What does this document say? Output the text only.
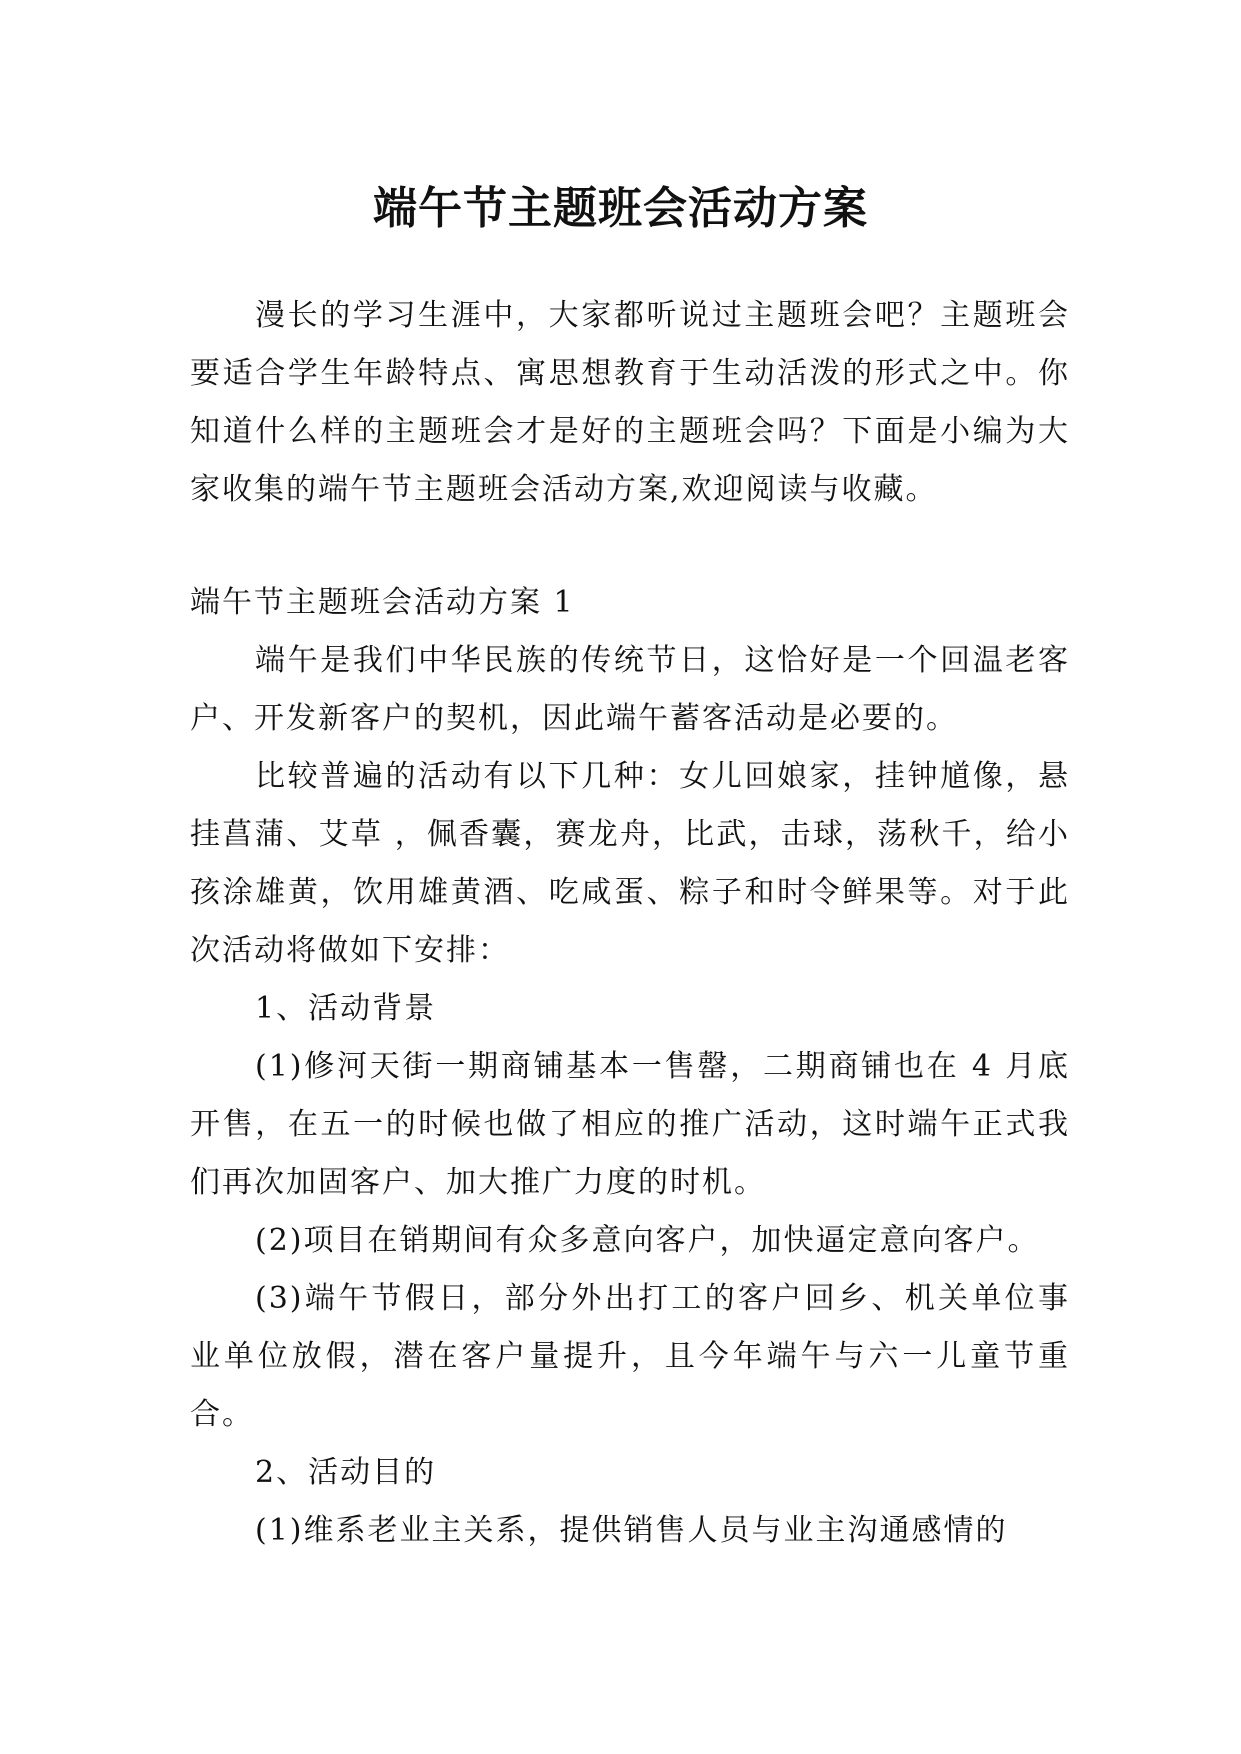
端午节主题班会活动方案

漫长的学习生涯中，大家都听说过主题班会吧？主题班会要适合学生年龄特点、寓思想教育于生动活泼的形式之中。你知道什么样的主题班会才是好的主题班会吗？下面是小编为大家收集的端午节主题班会活动方案,欢迎阅读与收藏。

端午节主题班会活动方案 1

端午是我们中华民族的传统节日，这恰好是一个回温老客户、开发新客户的契机，因此端午蓄客活动是必要的。

比较普遍的活动有以下几种：女儿回娘家，挂钟馗像，悬挂菖蒲、艾草 ，佩香囊，赛龙舟，比武，击球，荡秋千，给小孩涂雄黄，饮用雄黄酒、吃咸蛋、粽子和时令鲜果等。对于此次活动将做如下安排：

1、活动背景

(1)修河天街一期商铺基本一售罄，二期商铺也在 4 月底开售，在五一的时候也做了相应的推广活动，这时端午正式我们再次加固客户、加大推广力度的时机。

(2)项目在销期间有众多意向客户，加快逼定意向客户。

(3)端午节假日，部分外出打工的客户回乡、机关单位事业单位放假，潜在客户量提升，且今年端午与六一儿童节重合。

2、活动目的

(1)维系老业主关系，提供销售人员与业主沟通感情的
